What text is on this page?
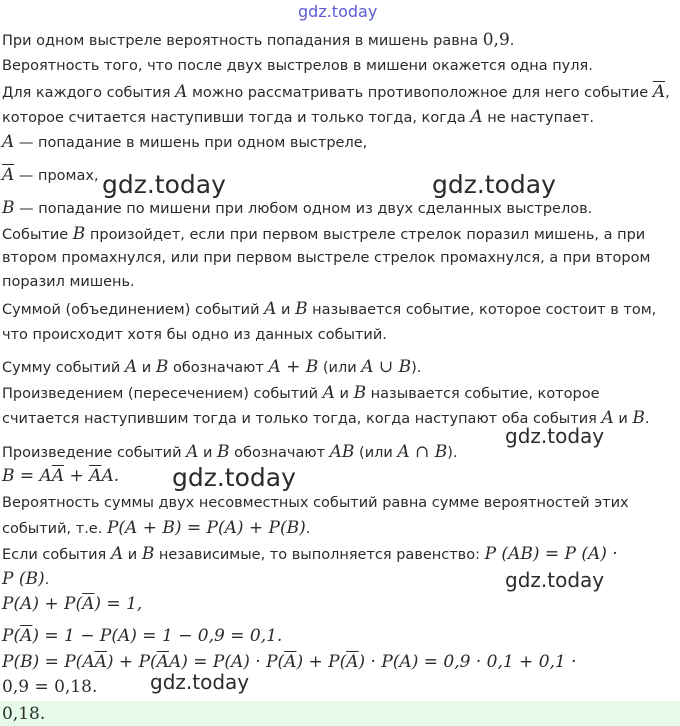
gdz.today
При одном выстреле вероятность попадания в мишень равна 0,9.
Вероятность того, что после двух выстрелов в мишени окажется одна пуля.
Для каждого события A можно рассматривать противоположное для него событие $\overline{A}$,
которое считается наступивши тогда и только тогда, когда A не наступает.
A — попадание в мишень при одном выстреле,
$\overline{A}$ — промах, gdz.today	gdz.today
B — попадание по мишени при любом одном из двух сделанных выстрелов.
Событие B произойдет, если при первом выстреле стрелок поразил мишень, а при
втором промахнулся, или при первом выстреле стрелок промахнулся, а при втором
поразил мишень.
Суммой (объединением) событий A и B называется событие, которое состоит в том,
что происходит хотя бы одно из данных событий.
Сумму событий A и B обозначают A + B (или A ∪ B).
Произведением (пересечением) событий A и B называется событие, которое
считается наступившим тогда и только тогда, когда наступают оба события A и B.
gdz.today
Произведение событий A и B обозначают AB (или A ∩ B).
$B = A\overline{A} + \overline{A}A$. gdz.today
Вероятность суммы двух несовместных событий равна сумме вероятностей этих
событий, т.е. P(A + B) = P(A) + P(B).
Если события A и B независимые, то выполняется равенство: P (AB) = P (A) ·
P (B).	gdz.today
$P(A) + P(\overline{A}) = 1$,
$P(\overline{A}) = 1 - P(A) = 1 - 0,9 = 0,1$.
$P(B) = P(A\overline{A}) + P(\overline{A}A) = P(A) \cdot P(\overline{A}) + P(\overline{A}) \cdot P(A) = 0,9 \cdot 0,1 + 0,1$ ·
0,9 = 0,18.	gdz.today
0,18.
